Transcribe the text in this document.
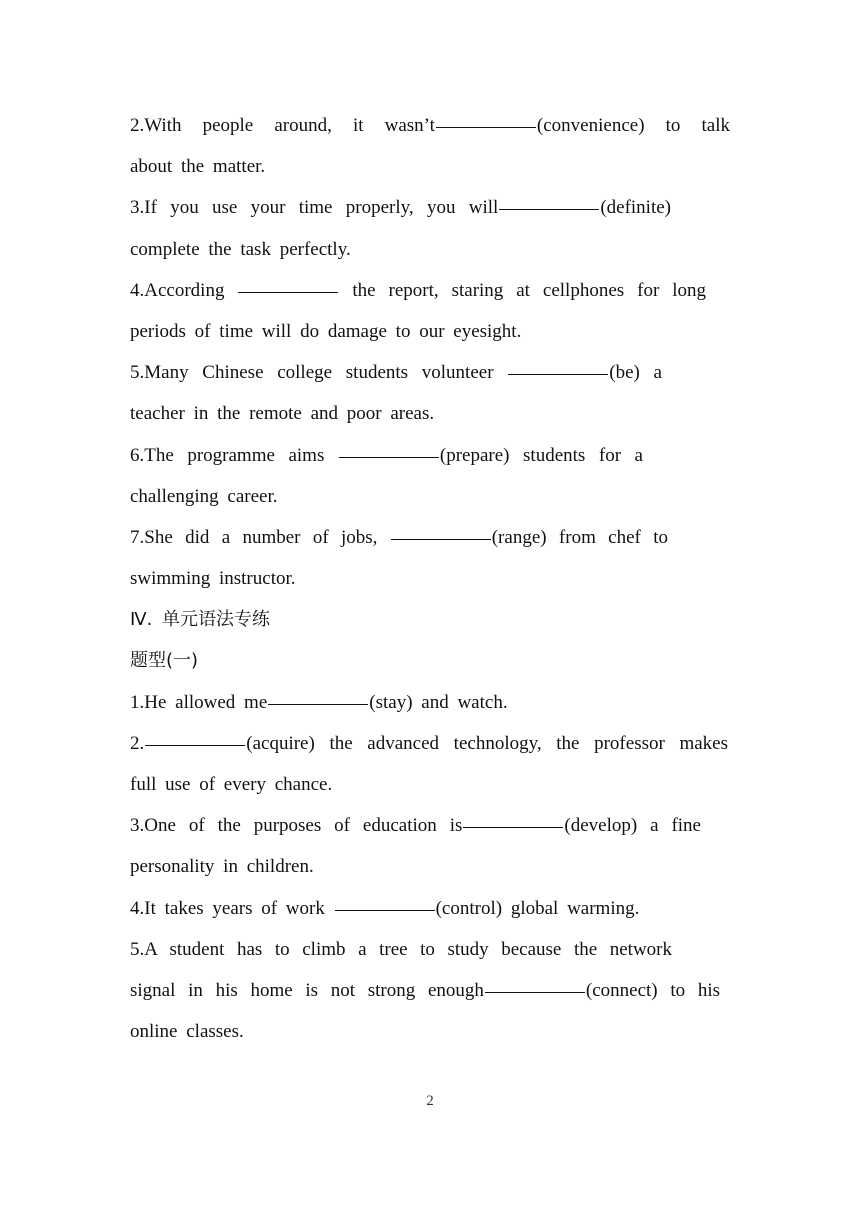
2.With people around, it wasn’t	(convenience) to talk
about the matter.
3.If you use your time properly, you will	(definite)
complete the task perfectly.
4.According	the report, staring at cellphones for long
periods of time will do damage to our eyesight.
5.Many Chinese college students volunteer	(be) a
teacher in the remote and poor areas.
6.The programme aims	(prepare) students for a
challenging career.
7.She did a number of jobs,	(range) from chef to
swimming instructor.
Ⅳ. 单元语法专练
题型(一)
1.He allowed me	(stay) and watch.
2.	(acquire) the advanced technology, the professor makes
full use of every chance.
3.One of the purposes of education is	(develop) a fine
personality in children.
4.It takes years of work	(control) global warming.
5.A student has to climb a tree to study because the network
signal in his home is not strong enough	(connect) to his
online classes.
2
